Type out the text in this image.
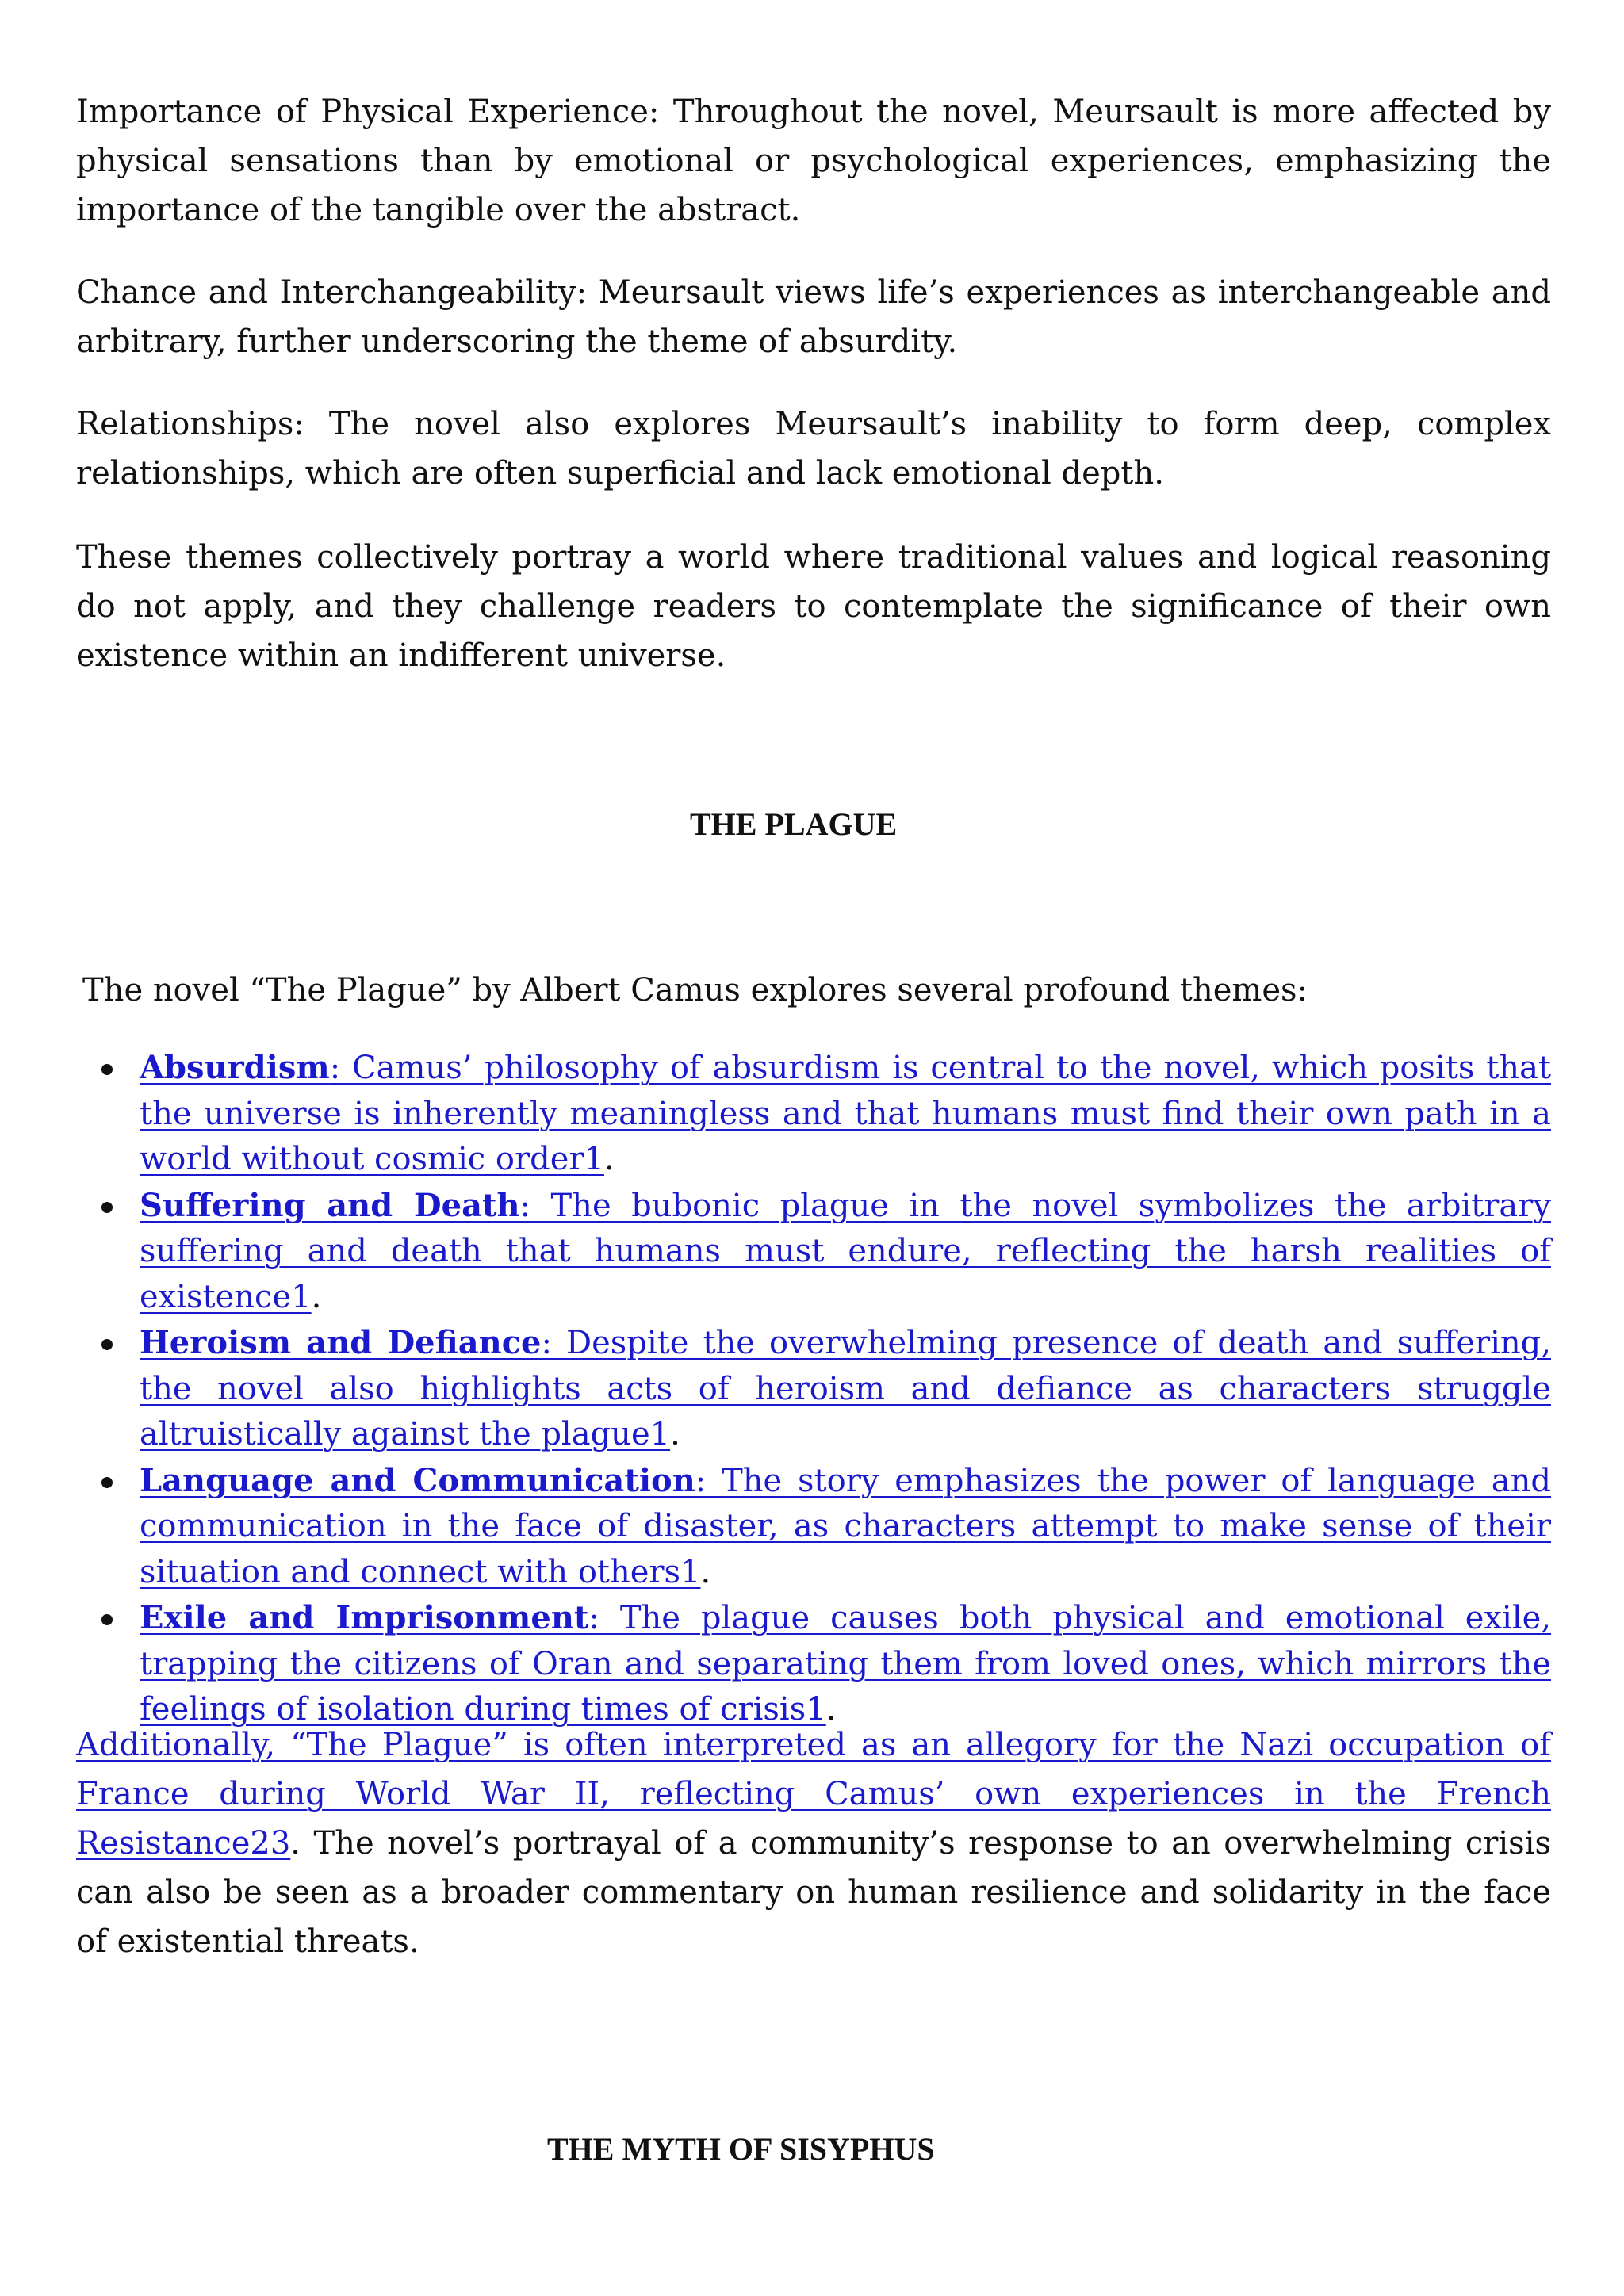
Importance of Physical Experience: Throughout the novel, Meursault is more affected by physical sensations than by emotional or psychological experiences, emphasizing the importance of the tangible over the abstract.

Chance and Interchangeability: Meursault views life’s experiences as interchangeable and arbitrary, further underscoring the theme of absurdity.

Relationships: The novel also explores Meursault’s inability to form deep, complex relationships, which are often superficial and lack emotional depth.

These themes collectively portray a world where traditional values and logical reasoning do not apply, and they challenge readers to contemplate the significance of their own existence within an indifferent universe.

THE PLAGUE

The novel “The Plague” by Albert Camus explores several profound themes:

Absurdism: Camus’ philosophy of absurdism is central to the novel, which posits that the universe is inherently meaningless and that humans must find their own path in a world without cosmic order1.
Suffering and Death: The bubonic plague in the novel symbolizes the arbitrary suffering and death that humans must endure, reflecting the harsh realities of existence1.
Heroism and Defiance: Despite the overwhelming presence of death and suffering, the novel also highlights acts of heroism and defiance as characters struggle altruistically against the plague1.
Language and Communication: The story emphasizes the power of language and communication in the face of disaster, as characters attempt to make sense of their situation and connect with others1.
Exile and Imprisonment: The plague causes both physical and emotional exile, trapping the citizens of Oran and separating them from loved ones, which mirrors the feelings of isolation during times of crisis1.

Additionally, “The Plague” is often interpreted as an allegory for the Nazi occupation of France during World War II, reflecting Camus’ own experiences in the French Resistance23. The novel’s portrayal of a community’s response to an overwhelming crisis can also be seen as a broader commentary on human resilience and solidarity in the face of existential threats.

THE MYTH OF SISYPHUS
